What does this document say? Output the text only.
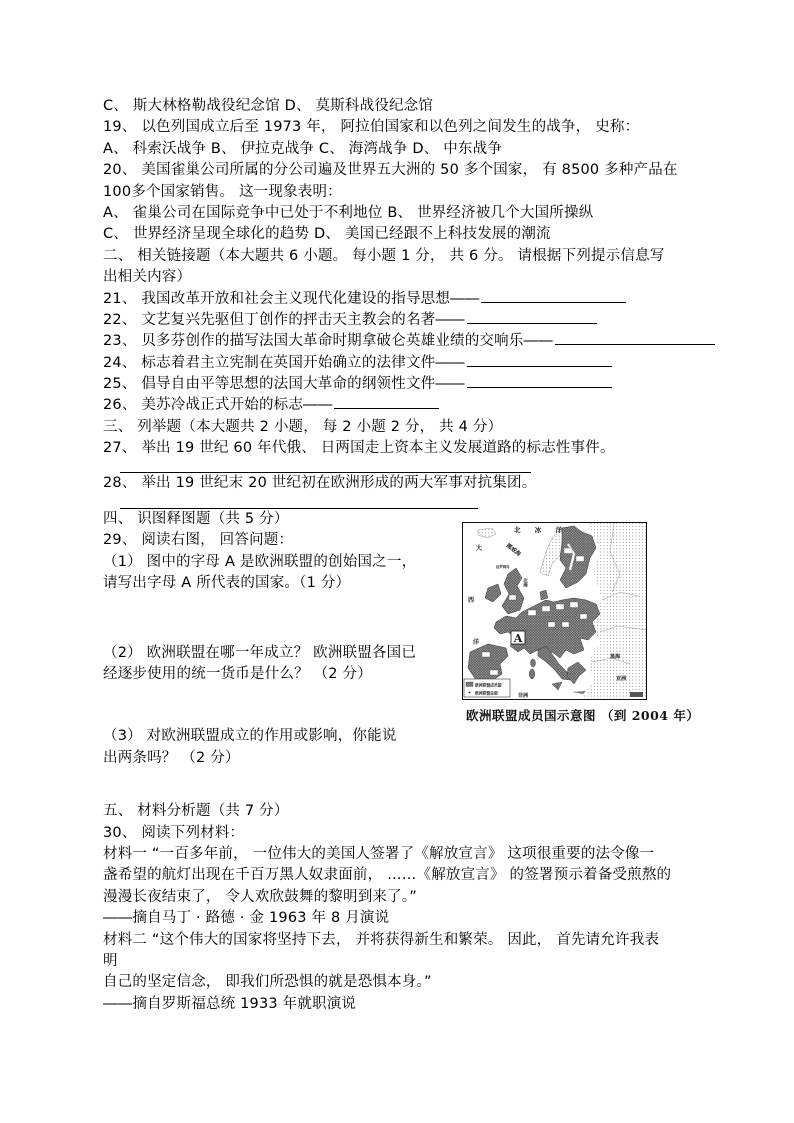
C、 斯大林格勒战役纪念馆 D、 莫斯科战役纪念馆
19、 以色列国成立后至 1973 年， 阿拉伯国家和以色列之间发生的战争， 史称：
A、 科索沃战争 B、 伊拉克战争 C、 海湾战争 D、 中东战争
20、 美国雀巢公司所属的分公司遍及世界五大洲的 50 多个国家， 有 8500 多种产品在
100多个国家销售。 这一现象表明：
A、 雀巢公司在国际竞争中已处于不利地位 B、 世界经济被几个大国所操纵
C、 世界经济呈现全球化的趋势 D、 美国已经跟不上科技发展的潮流
二、 相关链接题（本大题共 6 小题。 每小题 1 分， 共 6 分。 请根据下列提示信息写
出相关内容）
21、 我国改革开放和社会主义现代化建设的指导思想――
22、 文艺复兴先驱但丁创作的抨击天主教会的名著――
23、 贝多芬创作的描写法国大革命时期拿破仑英雄业绩的交响乐――
24、 标志着君主立宪制在英国开始确立的法律文件――
25、 倡导自由平等思想的法国大革命的纲领性文件――
26、 美苏冷战正式开始的标志――
三、 列举题（本大题共 2 小题， 每 2 小题 2 分， 共 4 分）
27、 举出 19 世纪 60 年代俄、 日两国走上资本主义发展道路的标志性事件。
28、 举出 19 世纪末 20 世纪初在欧洲形成的两大军事对抗集团。
四、 识图释图题（共 5 分）
29、 阅读右图， 回答问题：
（1） 图中的字母 A 是欧洲联盟的创始国之一，
请写出字母 A 所代表的国家。（1 分）
（2） 欧洲联盟在哪一年成立？ 欧洲联盟各国已
经逐步使用的统一货币是什么？ （2 分）
（3） 对欧洲联盟成立的作用或影响，你能说
出两条吗？ （2 分）
五、 材料分析题（共 7 分）
30、 阅读下列材料：
材料一 “一百多年前， 一位伟大的美国人签署了《解放宣言》 这项很重要的法令像一
盏希望的航灯出现在千百万黑人奴隶面前， ……《解放宣言》 的签署预示着备受煎熬的
漫漫长夜结束了， 令人欢欣鼓舞的黎明到来了。”
――摘自马丁 · 路德 · 金 1963 年 8 月演说
材料二 “这个伟大的国家将坚持下去， 并将获得新生和繁荣。 因此， 首先请允许我表
明
自己的坚定信念， 即我们所恐惧的就是恐惧本身。”
――摘自罗斯福总统 1933 年就职演说
A
北 冰 洋
挪威海
法罗群岛
大
西
洋
北海
黑海
非洲
亚洲
欧洲联盟成员国
欧洲联盟总部
欧洲联盟成员国示意图 （到 2004 年）
